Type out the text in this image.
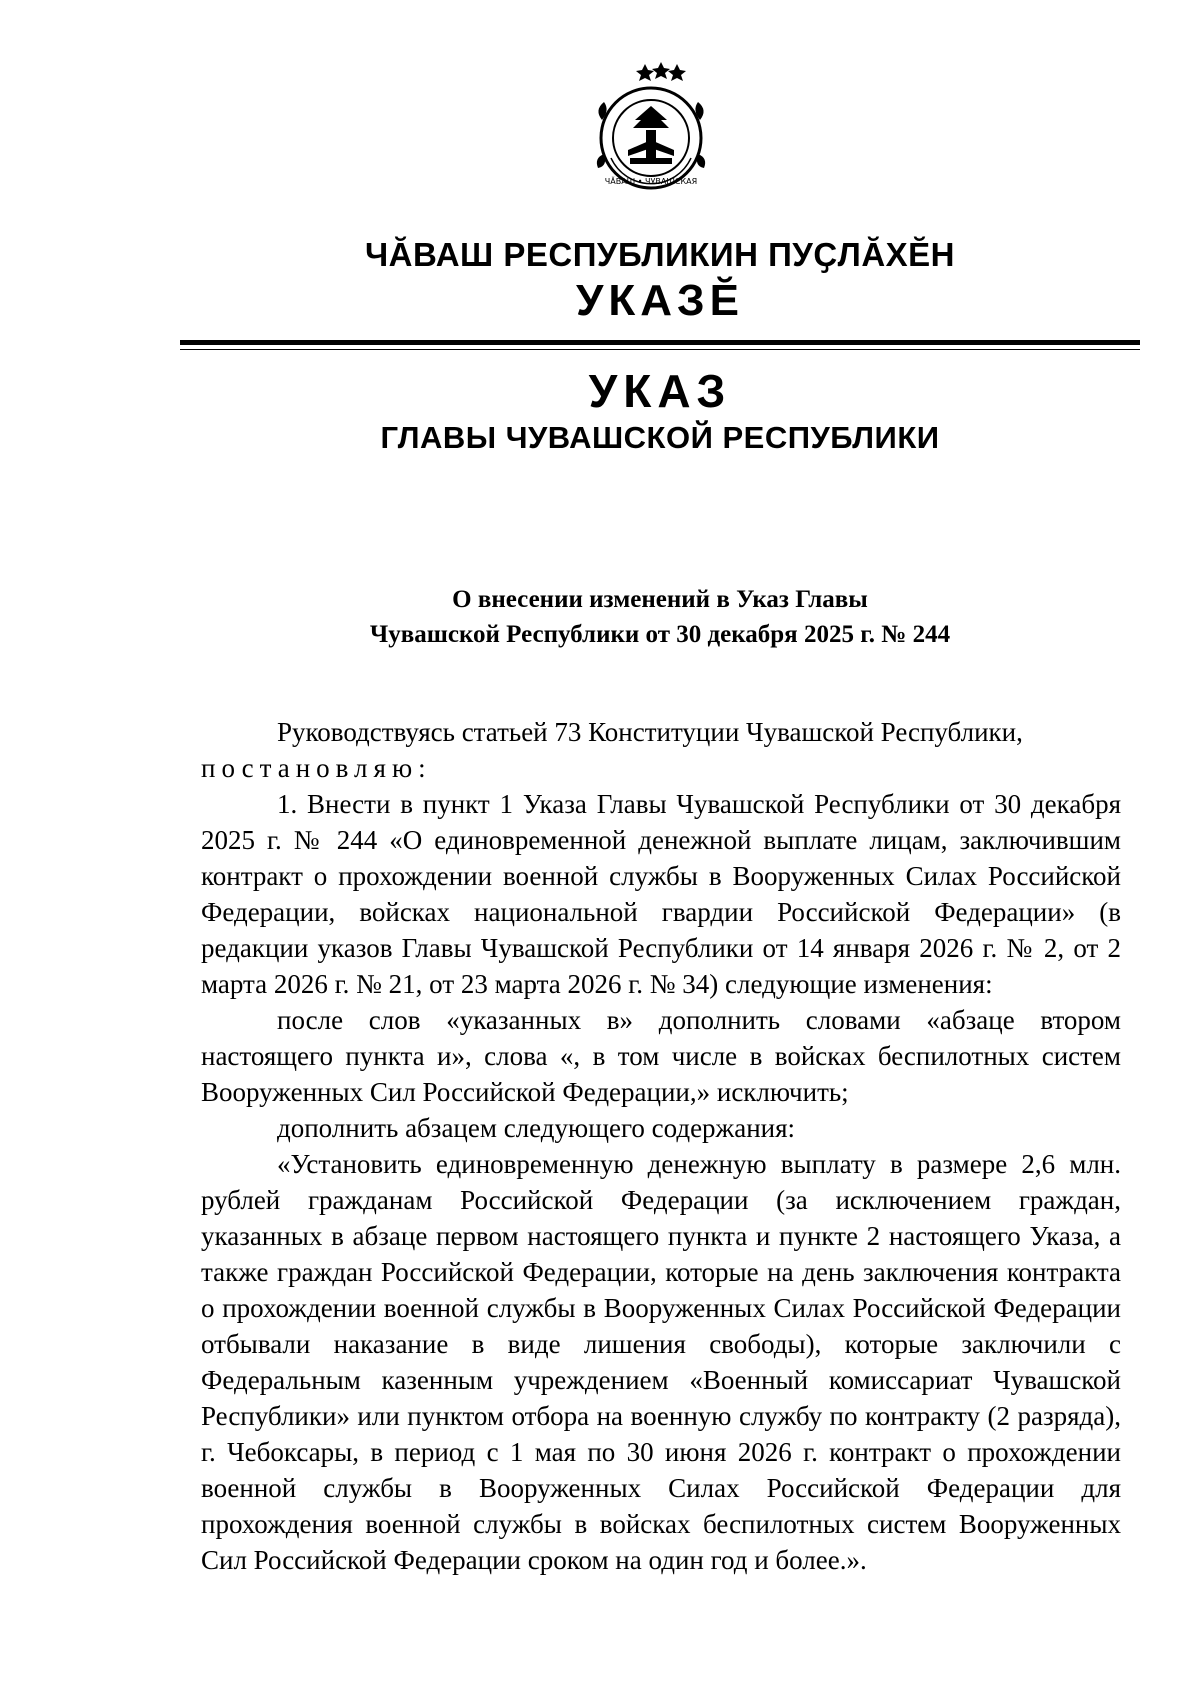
ЧӐВАШ • ЧУВАШСКАЯ
ЧӐВАШ РЕСПУБЛИКИН ПУҪЛӐХӖН
УКАЗӖ
УКАЗ
ГЛАВЫ ЧУВАШСКОЙ РЕСПУБЛИКИ
О внесении изменений в Указ Главы
Чувашской Республики от 30 декабря 2025 г. № 244

Руководствуясь статьей 73 Конституции Чувашской Республики,

постановляю:

1. Внести в пункт 1 Указа Главы Чувашской Республики от 30 декабря 2025 г. № 244 «О единовременной денежной выплате лицам, заключившим контракт о прохождении военной службы в Вооруженных Силах Российской Федерации, войсках национальной гвардии Российской Федерации» (в редакции указов Главы Чувашской Республики от 14 января 2026 г. № 2, от 2 марта 2026 г. № 21, от 23 марта 2026 г. № 34) следующие изменения:

после слов «указанных в» дополнить словами «абзаце втором настоящего пункта и», слова «, в том числе в войсках беспилотных систем Вооруженных Сил Российской Федерации,» исключить;

дополнить абзацем следующего содержания:

«Установить единовременную денежную выплату в размере 2,6 млн. рублей гражданам Российской Федерации (за исключением граждан, указанных в абзаце первом настоящего пункта и пункте 2 настоящего Указа, а также граждан Российской Федерации, которые на день заключения контракта о прохождении военной службы в Вооруженных Силах Российской Федерации отбывали наказание в виде лишения свободы), которые заключили с Федеральным казенным учреждением «Военный комиссариат Чувашской Республики» или пунктом отбора на военную службу по контракту (2 разряда), г. Чебоксары, в период с 1 мая по 30 июня 2026 г. контракт о прохождении военной службы в Вооруженных Силах Российской Федерации для прохождения военной службы в войсках беспилотных систем Вооруженных Сил Российской Федерации сроком на один год и более.».
